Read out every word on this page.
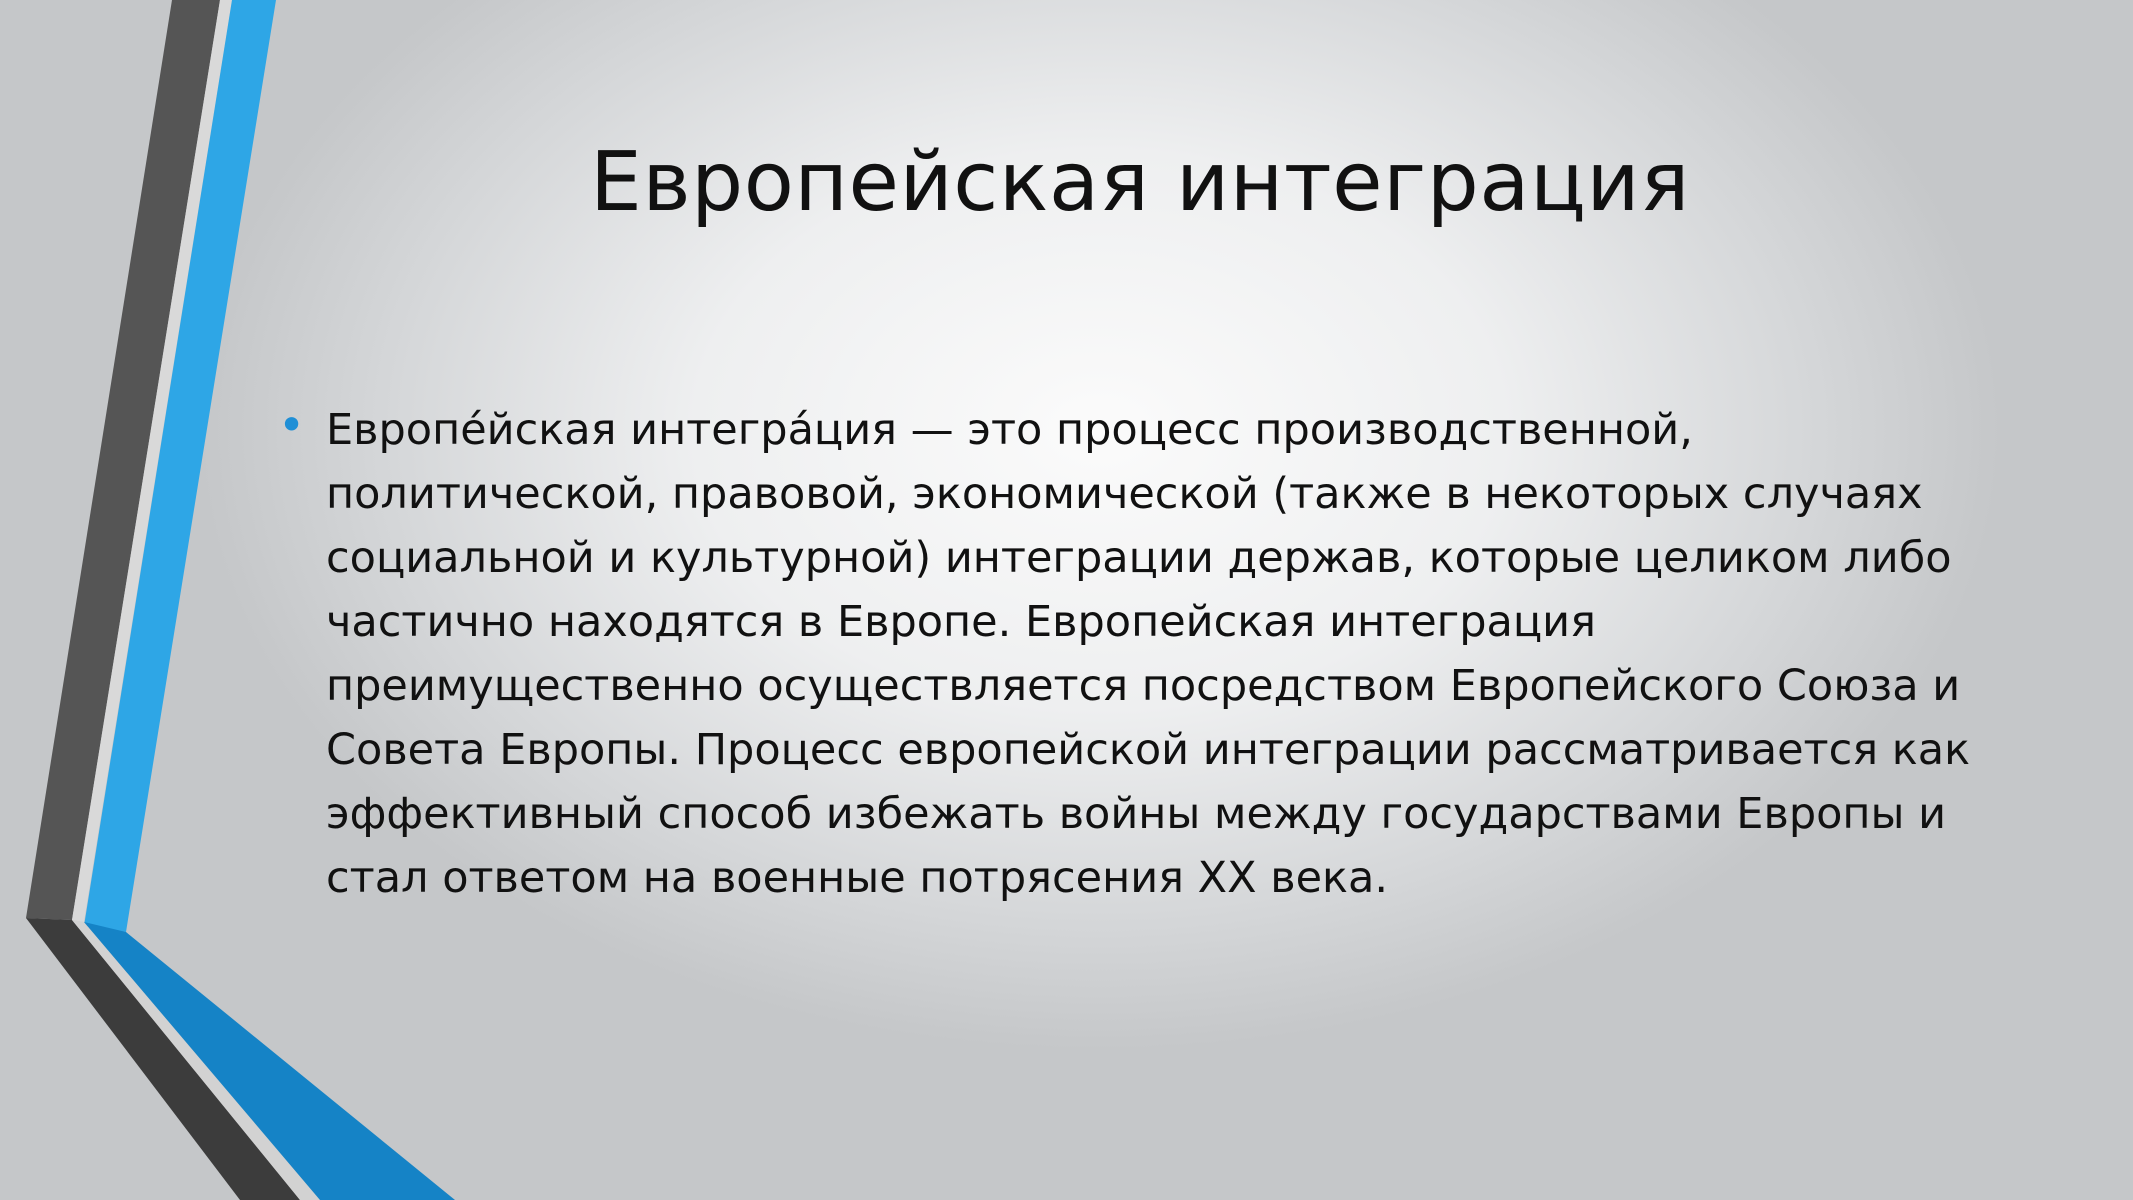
Европейская интеграция
• Европе́йская интегра́ция — это процесс производственной, политической, правовой, экономической (также в некоторых случаях социальной и культурной) интеграции держав, которые целиком либо частично находятся в Европе. Европейская интеграция преимущественно осуществляется посредством Европейского Союза и Совета Европы. Процесс европейской интеграции рассматривается как эффективный способ избежать войны между государствами Европы и стал ответом на военные потрясения XX века.
